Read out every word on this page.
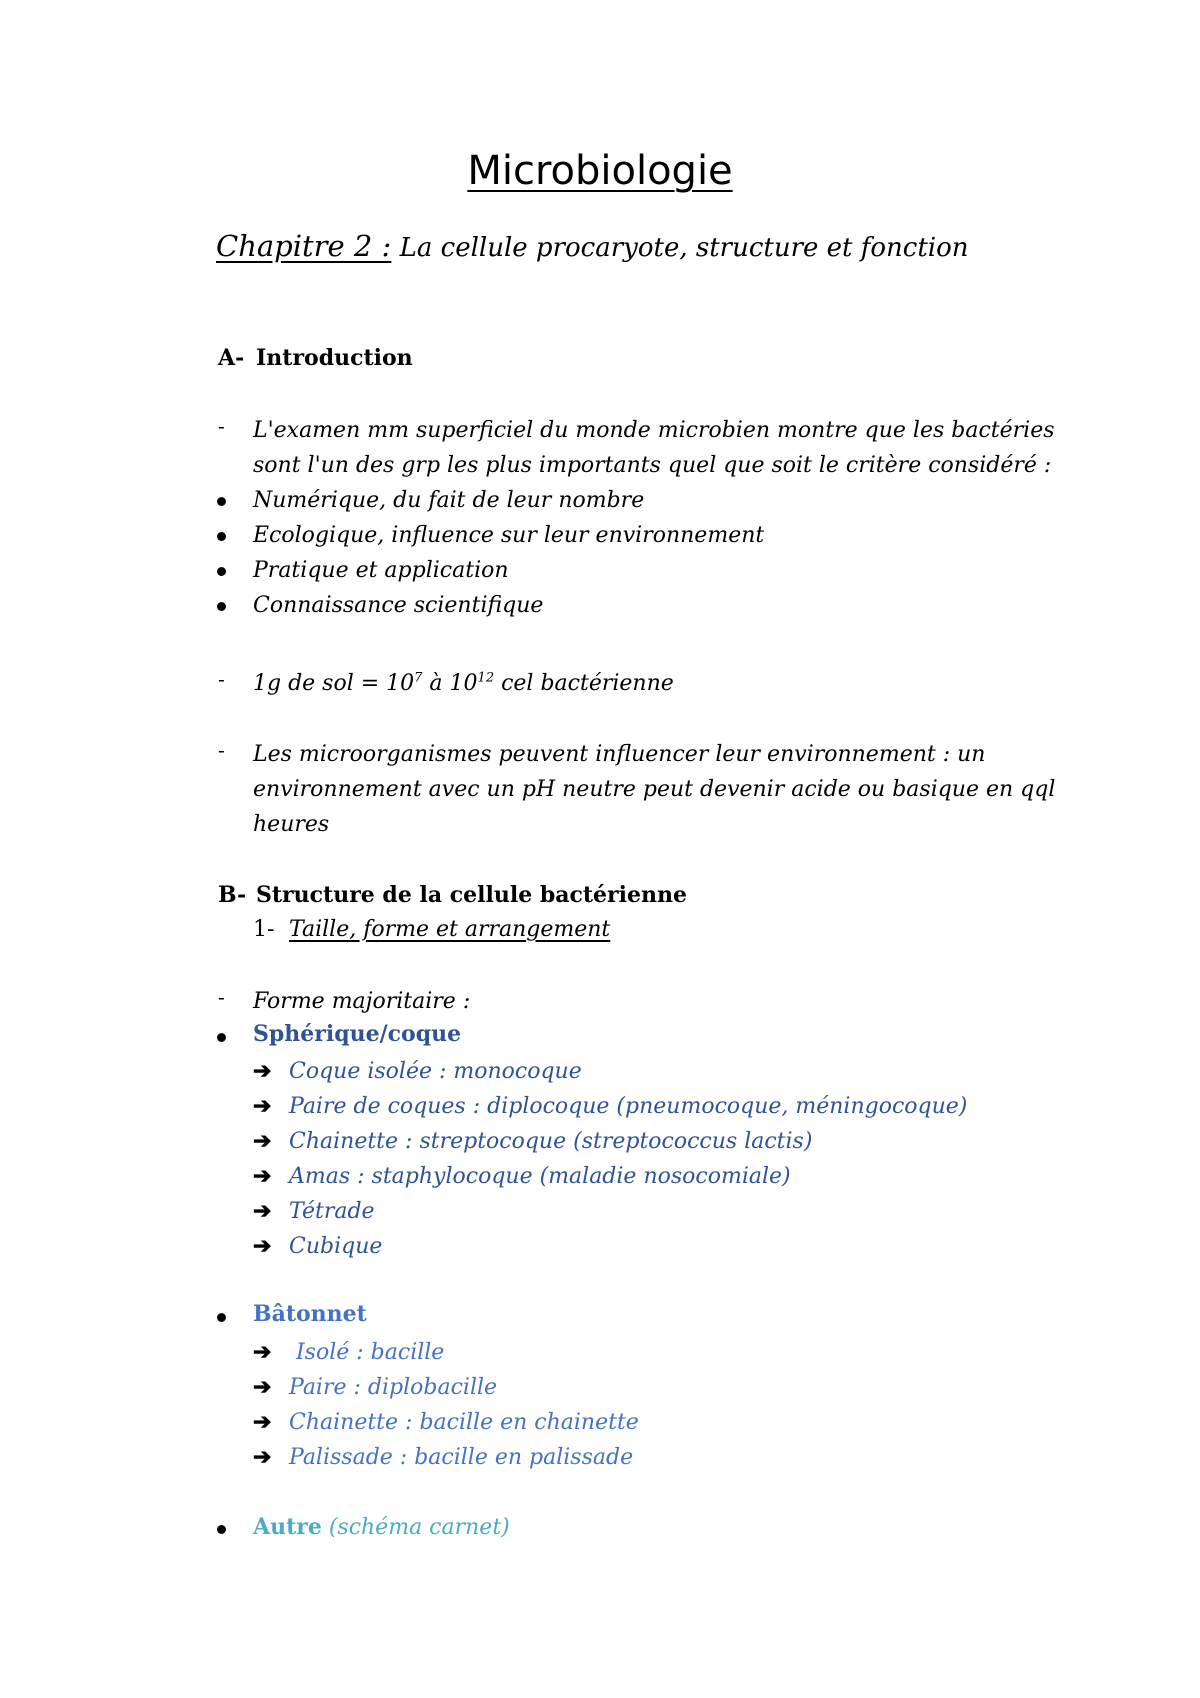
Microbiologie
Chapitre 2 : La cellule procaryote, structure et fonction
A- Introduction
- L'examen mm superficiel du monde microbien montre que les bactéries
sont l'un des grp les plus importants quel que soit le critère considéré :
Numérique, du fait de leur nombre
Ecologique, influence sur leur environnement
Pratique et application
Connaissance scientifique
- 1g de sol = $10^7$ à $10^{12}$ cel bactérienne
- Les microorganismes peuvent influencer leur environnement : un
environnement avec un pH neutre peut devenir acide ou basique en qql
heures
B- Structure de la cellule bactérienne
1- Taille, forme et arrangement
- Forme majoritaire :
Sphérique/coque
➔ Coque isolée : monocoque
➔ Paire de coques : diplocoque (pneumocoque, méningocoque)
➔ Chainette : streptocoque (streptococcus lactis)
➔ Amas : staphylocoque (maladie nosocomiale)
➔ Tétrade
➔ Cubique
Bâtonnet
➔ Isolé : bacille
➔ Paire : diplobacille
➔ Chainette : bacille en chainette
➔ Palissade : bacille en palissade
Autre (schéma carnet)
